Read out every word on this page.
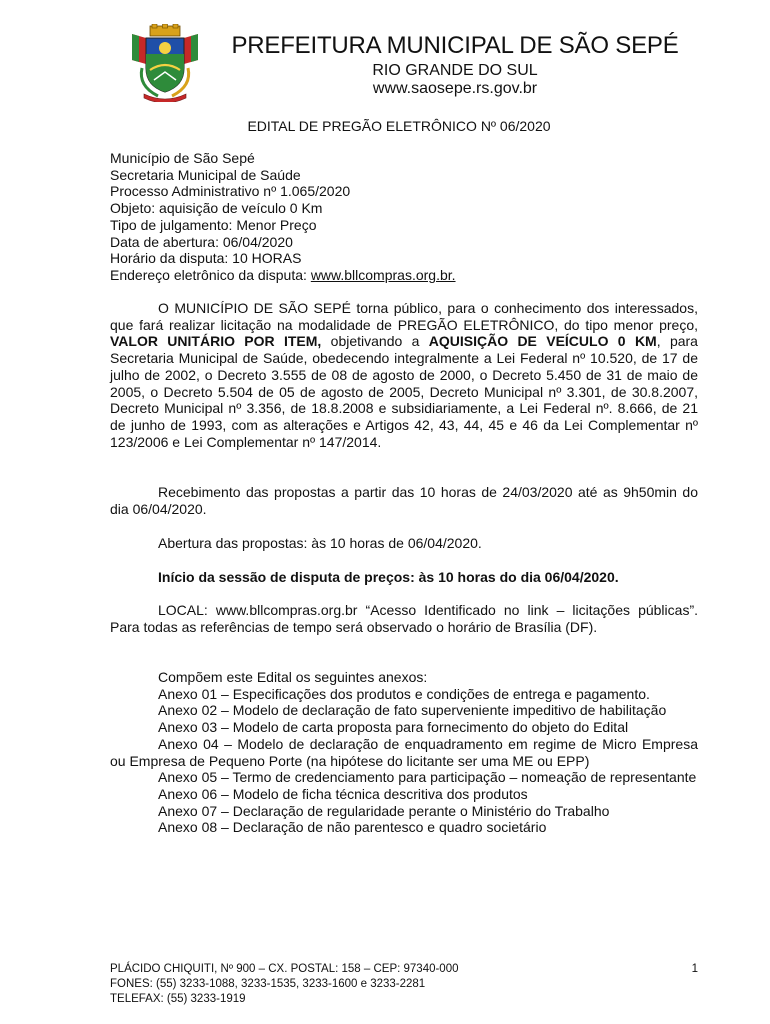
PREFEITURA MUNICIPAL DE SÃO SEPÉ
RIO GRANDE DO SUL
www.saosepe.rs.gov.br
EDITAL DE PREGÃO ELETRÔNICO Nº 06/2020
Município de São Sepé
Secretaria Municipal de Saúde
Processo Administrativo nº 1.065/2020
Objeto: aquisição de veículo 0 Km
Tipo de julgamento: Menor Preço
Data de abertura: 06/04/2020
Horário da disputa: 10 HORAS
Endereço eletrônico da disputa: www.bllcompras.org.br.
O MUNICÍPIO DE SÃO SEPÉ torna público, para o conhecimento dos interessados, que fará realizar licitação na modalidade de PREGÃO ELETRÔNICO, do tipo menor preço, VALOR UNITÁRIO POR ITEM, objetivando a AQUISIÇÃO DE VEÍCULO 0 KM, para Secretaria Municipal de Saúde, obedecendo integralmente a Lei Federal nº 10.520, de 17 de julho de 2002, o Decreto 3.555 de 08 de agosto de 2000, o Decreto 5.450 de 31 de maio de 2005, o Decreto 5.504 de 05 de agosto de 2005, Decreto Municipal nº 3.301, de 30.8.2007, Decreto Municipal nº 3.356, de 18.8.2008 e subsidiariamente, a Lei Federal nº. 8.666, de 21 de junho de 1993, com as alterações e Artigos 42, 43, 44, 45 e 46 da Lei Complementar nº 123/2006 e Lei Complementar nº 147/2014.
Recebimento das propostas a partir das 10 horas de 24/03/2020 até as 9h50min do dia 06/04/2020.
Abertura das propostas: às 10 horas de 06/04/2020.
Início da sessão de disputa de preços: às 10 horas do dia 06/04/2020.
LOCAL: www.bllcompras.org.br “Acesso Identificado no link – licitações públicas”. Para todas as referências de tempo será observado o horário de Brasília (DF).
Compõem este Edital os seguintes anexos:
Anexo 01 – Especificações dos produtos e condições de entrega e pagamento.
Anexo 02 – Modelo de declaração de fato superveniente impeditivo de habilitação
Anexo 03 – Modelo de carta proposta para fornecimento do objeto do Edital
Anexo 04 – Modelo de declaração de enquadramento em regime de Micro Empresa ou Empresa de Pequeno Porte (na hipótese do licitante ser uma ME ou EPP)
Anexo 05 – Termo de credenciamento para participação – nomeação de representante
Anexo 06 – Modelo de ficha técnica descritiva dos produtos
Anexo 07 – Declaração de regularidade perante o Ministério do Trabalho
Anexo 08 – Declaração de não parentesco e quadro societário
PLÁCIDO CHIQUITI, Nº 900 – CX. POSTAL: 158 – CEP: 97340-000
FONES: (55) 3233-1088, 3233-1535, 3233-1600 e 3233-2281
TELEFAX: (55) 3233-1919
1
